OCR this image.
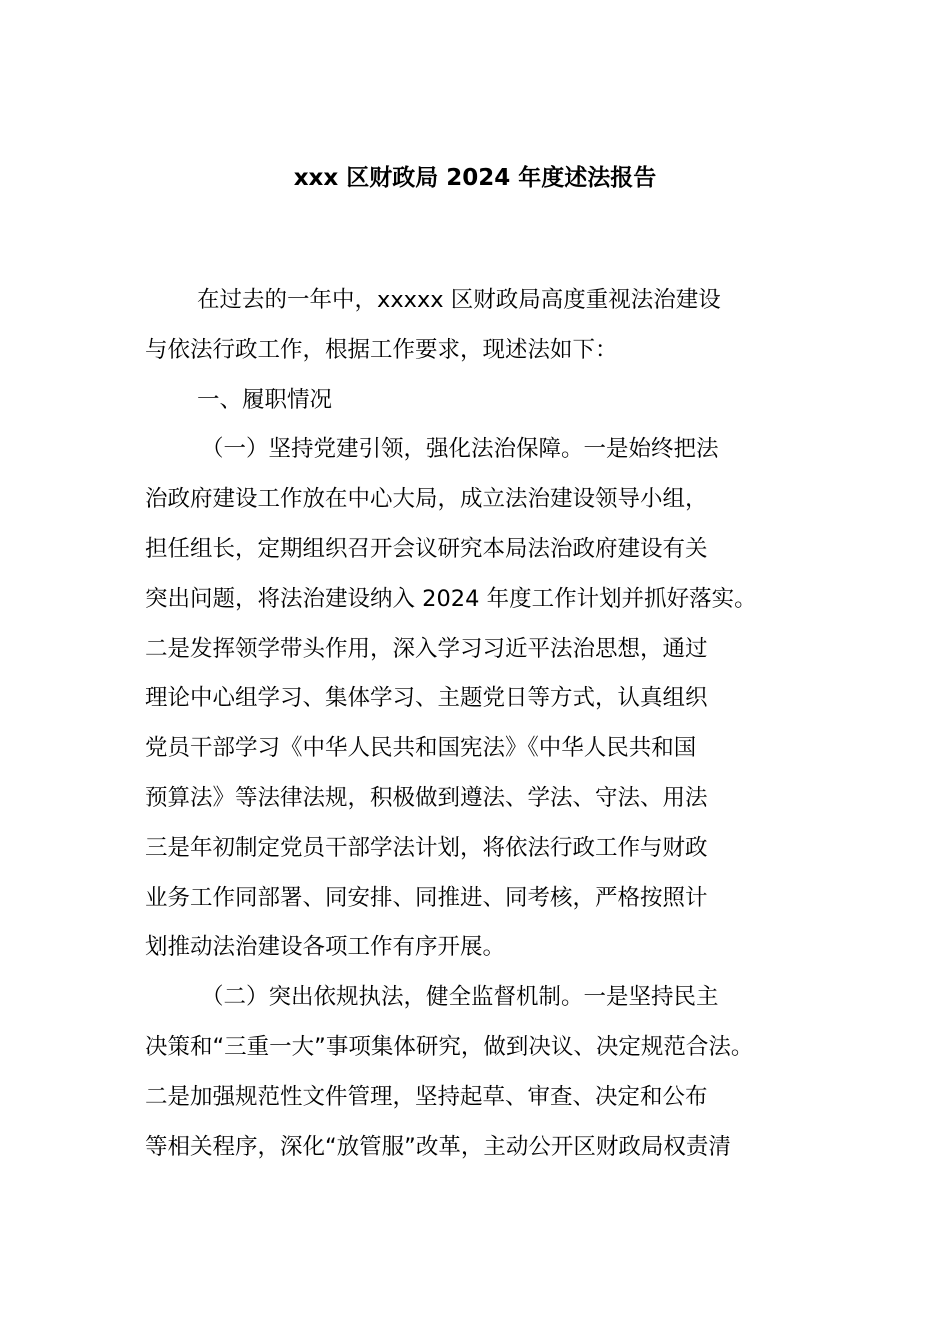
xxx 区财政局 2024 年度述法报告
在过去的一年中，xxxxx 区财政局高度重视法治建设
与依法行政工作，根据工作要求，现述法如下：
一、履职情况
（一）坚持党建引领，强化法治保障。一是始终把法
治政府建设工作放在中心大局，成立法治建设领导小组，
担任组长，定期组织召开会议研究本局法治政府建设有关
突出问题，将法治建设纳入 2024 年度工作计划并抓好落实。
二是发挥领学带头作用，深入学习习近平法治思想，通过
理论中心组学习、集体学习、主题党日等方式，认真组织
党员干部学习《中华人民共和国宪法》《中华人民共和国
预算法》等法律法规，积极做到遵法、学法、守法、用法
三是年初制定党员干部学法计划，将依法行政工作与财政
业务工作同部署、同安排、同推进、同考核，严格按照计
划推动法治建设各项工作有序开展。
（二）突出依规执法，健全监督机制。一是坚持民主
决策和“三重一大”事项集体研究，做到决议、决定规范合法。
二是加强规范性文件管理，坚持起草、审查、决定和公布
等相关程序，深化“放管服”改革，主动公开区财政局权责清
